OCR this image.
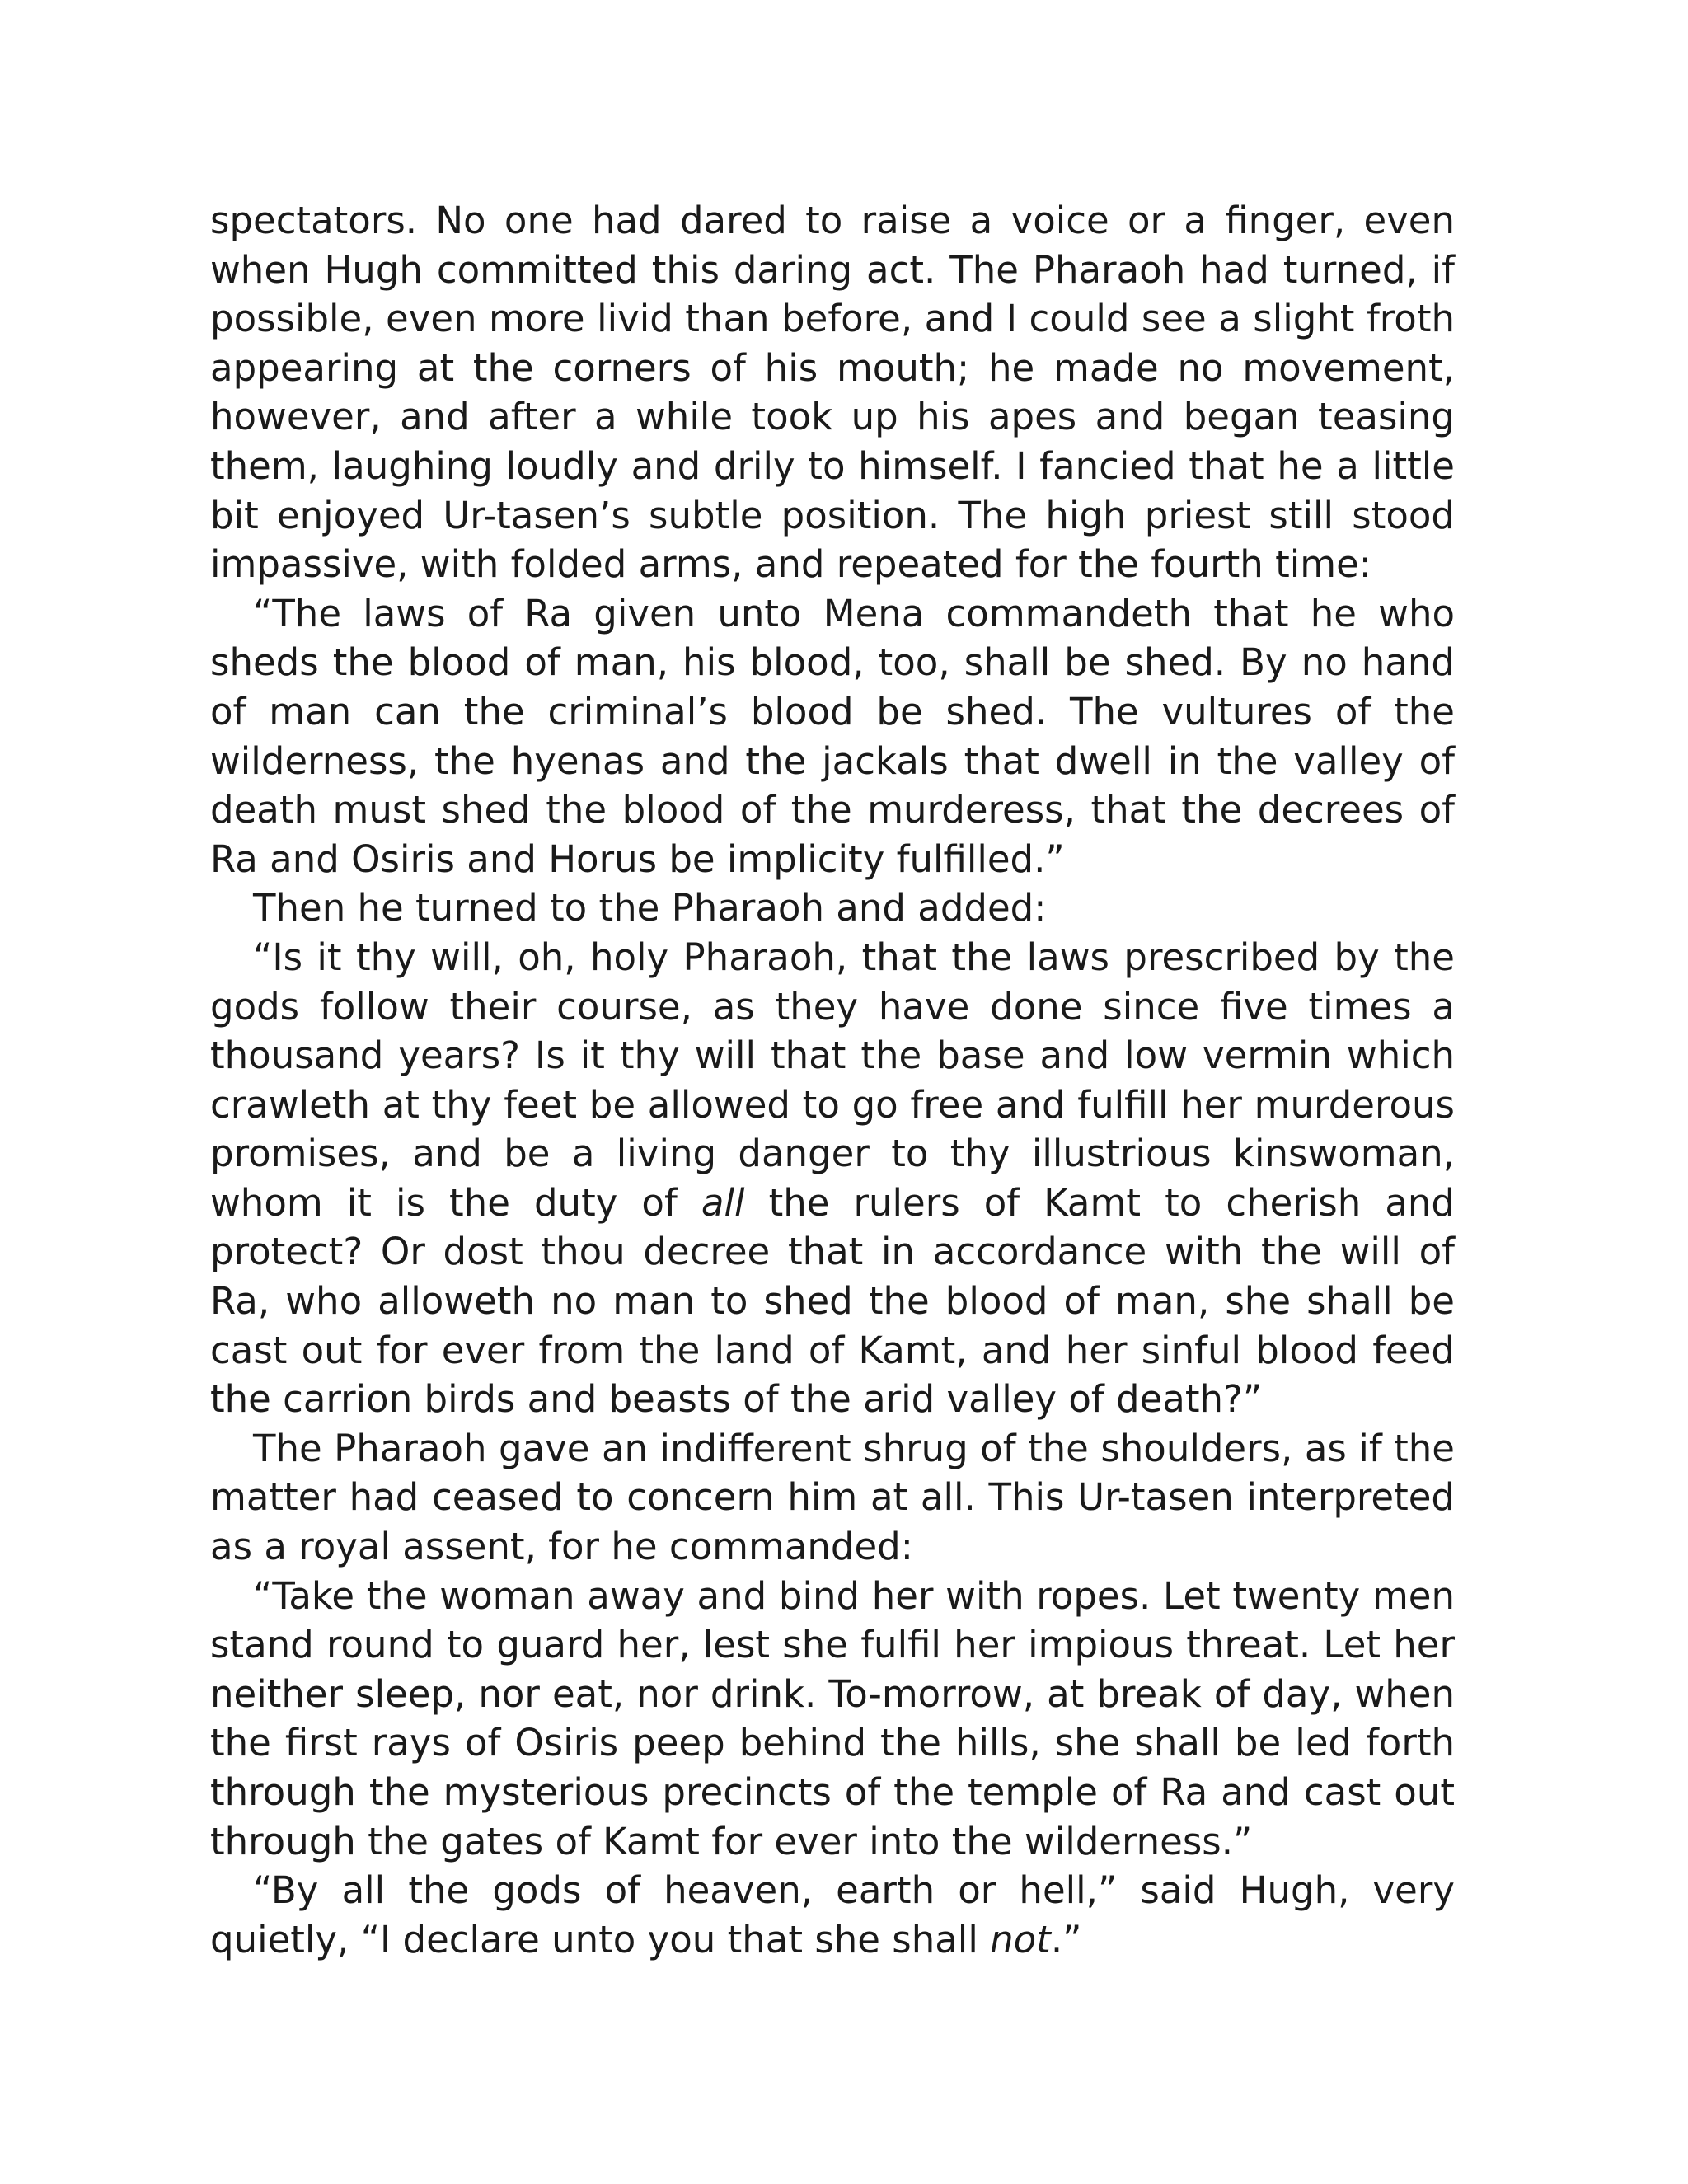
spectators. No one had dared to raise a voice or a finger, even when Hugh committed this daring act. The Pharaoh had turned, if possible, even more livid than before, and I could see a slight froth appearing at the corners of his mouth; he made no movement, however, and after a while took up his apes and began teasing them, laughing loudly and drily to himself. I fancied that he a little bit enjoyed Ur-tasen’s subtle position. The high priest still stood impassive, with folded arms, and repeated for the fourth time:

“The laws of Ra given unto Mena commandeth that he who sheds the blood of man, his blood, too, shall be shed. By no hand of man can the criminal’s blood be shed. The vultures of the wilderness, the hyenas and the jackals that dwell in the valley of death must shed the blood of the murderess, that the decrees of Ra and Osiris and Horus be implicity fulfilled.”

Then he turned to the Pharaoh and added:

“Is it thy will, oh, holy Pharaoh, that the laws prescribed by the gods follow their course, as they have done since five times a thousand years? Is it thy will that the base and low vermin which crawleth at thy feet be allowed to go free and fulfill her murderous promises, and be a living danger to thy illustrious kinswoman, whom it is the duty of all the rulers of Kamt to cherish and protect? Or dost thou decree that in accordance with the will of Ra, who alloweth no man to shed the blood of man, she shall be cast out for ever from the land of Kamt, and her sinful blood feed the carrion birds and beasts of the arid valley of death?”

The Pharaoh gave an indifferent shrug of the shoulders, as if the matter had ceased to concern him at all. This Ur-tasen interpreted as a royal assent, for he commanded:

“Take the woman away and bind her with ropes. Let twenty men stand round to guard her, lest she fulfil her impious threat. Let her neither sleep, nor eat, nor drink. To-morrow, at break of day, when the first rays of Osiris peep behind the hills, she shall be led forth through the mysterious precincts of the temple of Ra and cast out through the gates of Kamt for ever into the wilderness.”

“By all the gods of heaven, earth or hell,” said Hugh, very quietly, “I declare unto you that she shall not.”
